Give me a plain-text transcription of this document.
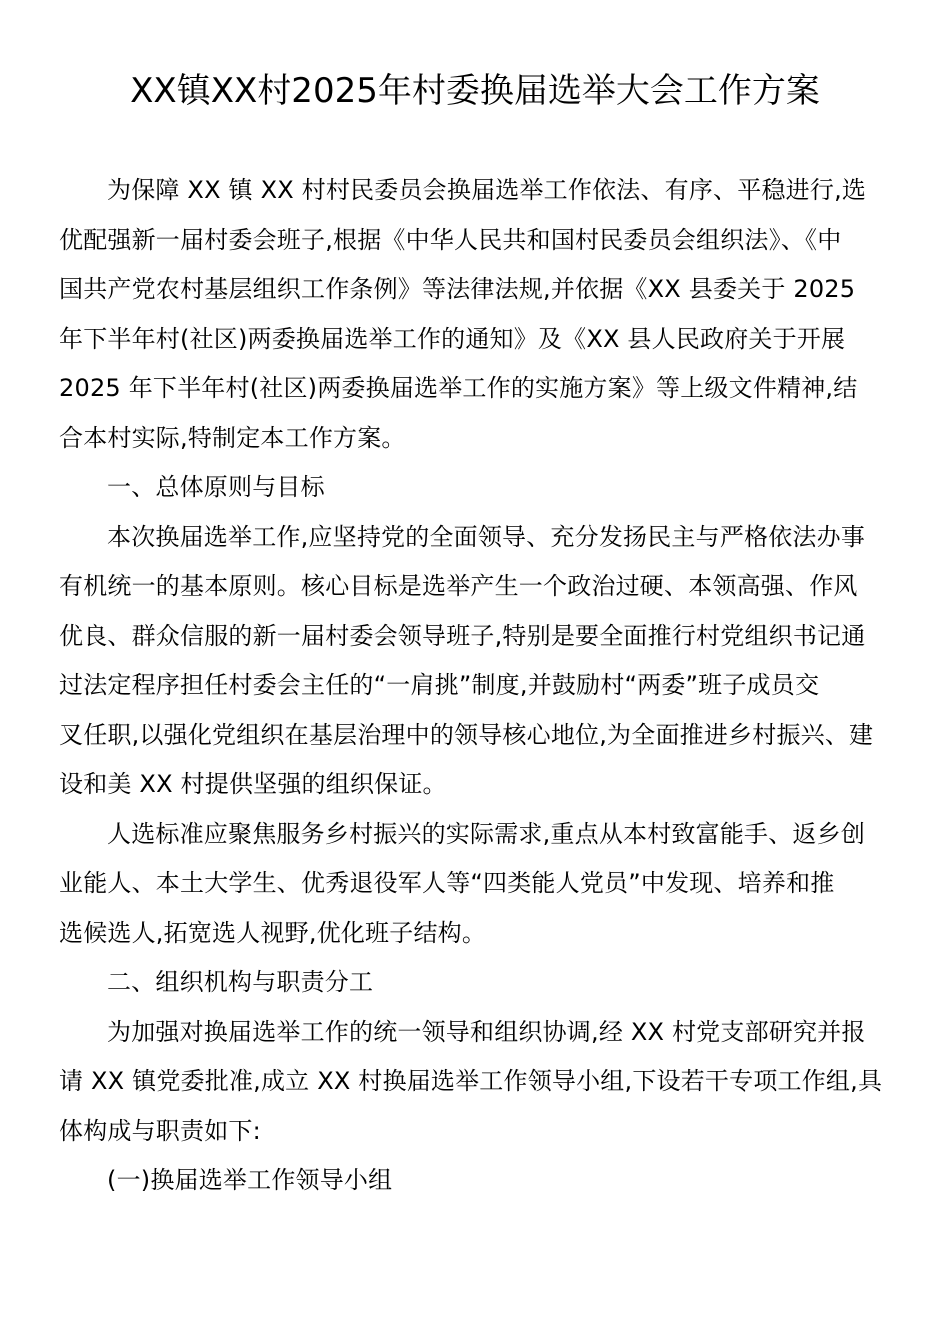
XX镇XX村2025年村委换届选举大会工作方案
为保障 XX 镇 XX 村村民委员会换届选举工作依法、有序、平稳进行,选
优配强新一届村委会班子,根据《中华人民共和国村民委员会组织法》、《中
国共产党农村基层组织工作条例》等法律法规,并依据《XX 县委关于 2025
年下半年村(社区)两委换届选举工作的通知》及《XX 县人民政府关于开展
2025 年下半年村(社区)两委换届选举工作的实施方案》等上级文件精神,结
合本村实际,特制定本工作方案。
一、总体原则与目标
本次换届选举工作,应坚持党的全面领导、充分发扬民主与严格依法办事
有机统一的基本原则。核心目标是选举产生一个政治过硬、本领高强、作风
优良、群众信服的新一届村委会领导班子,特别是要全面推行村党组织书记通
过法定程序担任村委会主任的“一肩挑”制度,并鼓励村“两委”班子成员交
叉任职,以强化党组织在基层治理中的领导核心地位,为全面推进乡村振兴、建
设和美 XX 村提供坚强的组织保证。
人选标准应聚焦服务乡村振兴的实际需求,重点从本村致富能手、返乡创
业能人、本土大学生、优秀退役军人等“四类能人党员”中发现、培养和推
选候选人,拓宽选人视野,优化班子结构。
二、组织机构与职责分工
为加强对换届选举工作的统一领导和组织协调,经 XX 村党支部研究并报
请 XX 镇党委批准,成立 XX 村换届选举工作领导小组,下设若干专项工作组,具
体构成与职责如下:
(一)换届选举工作领导小组
